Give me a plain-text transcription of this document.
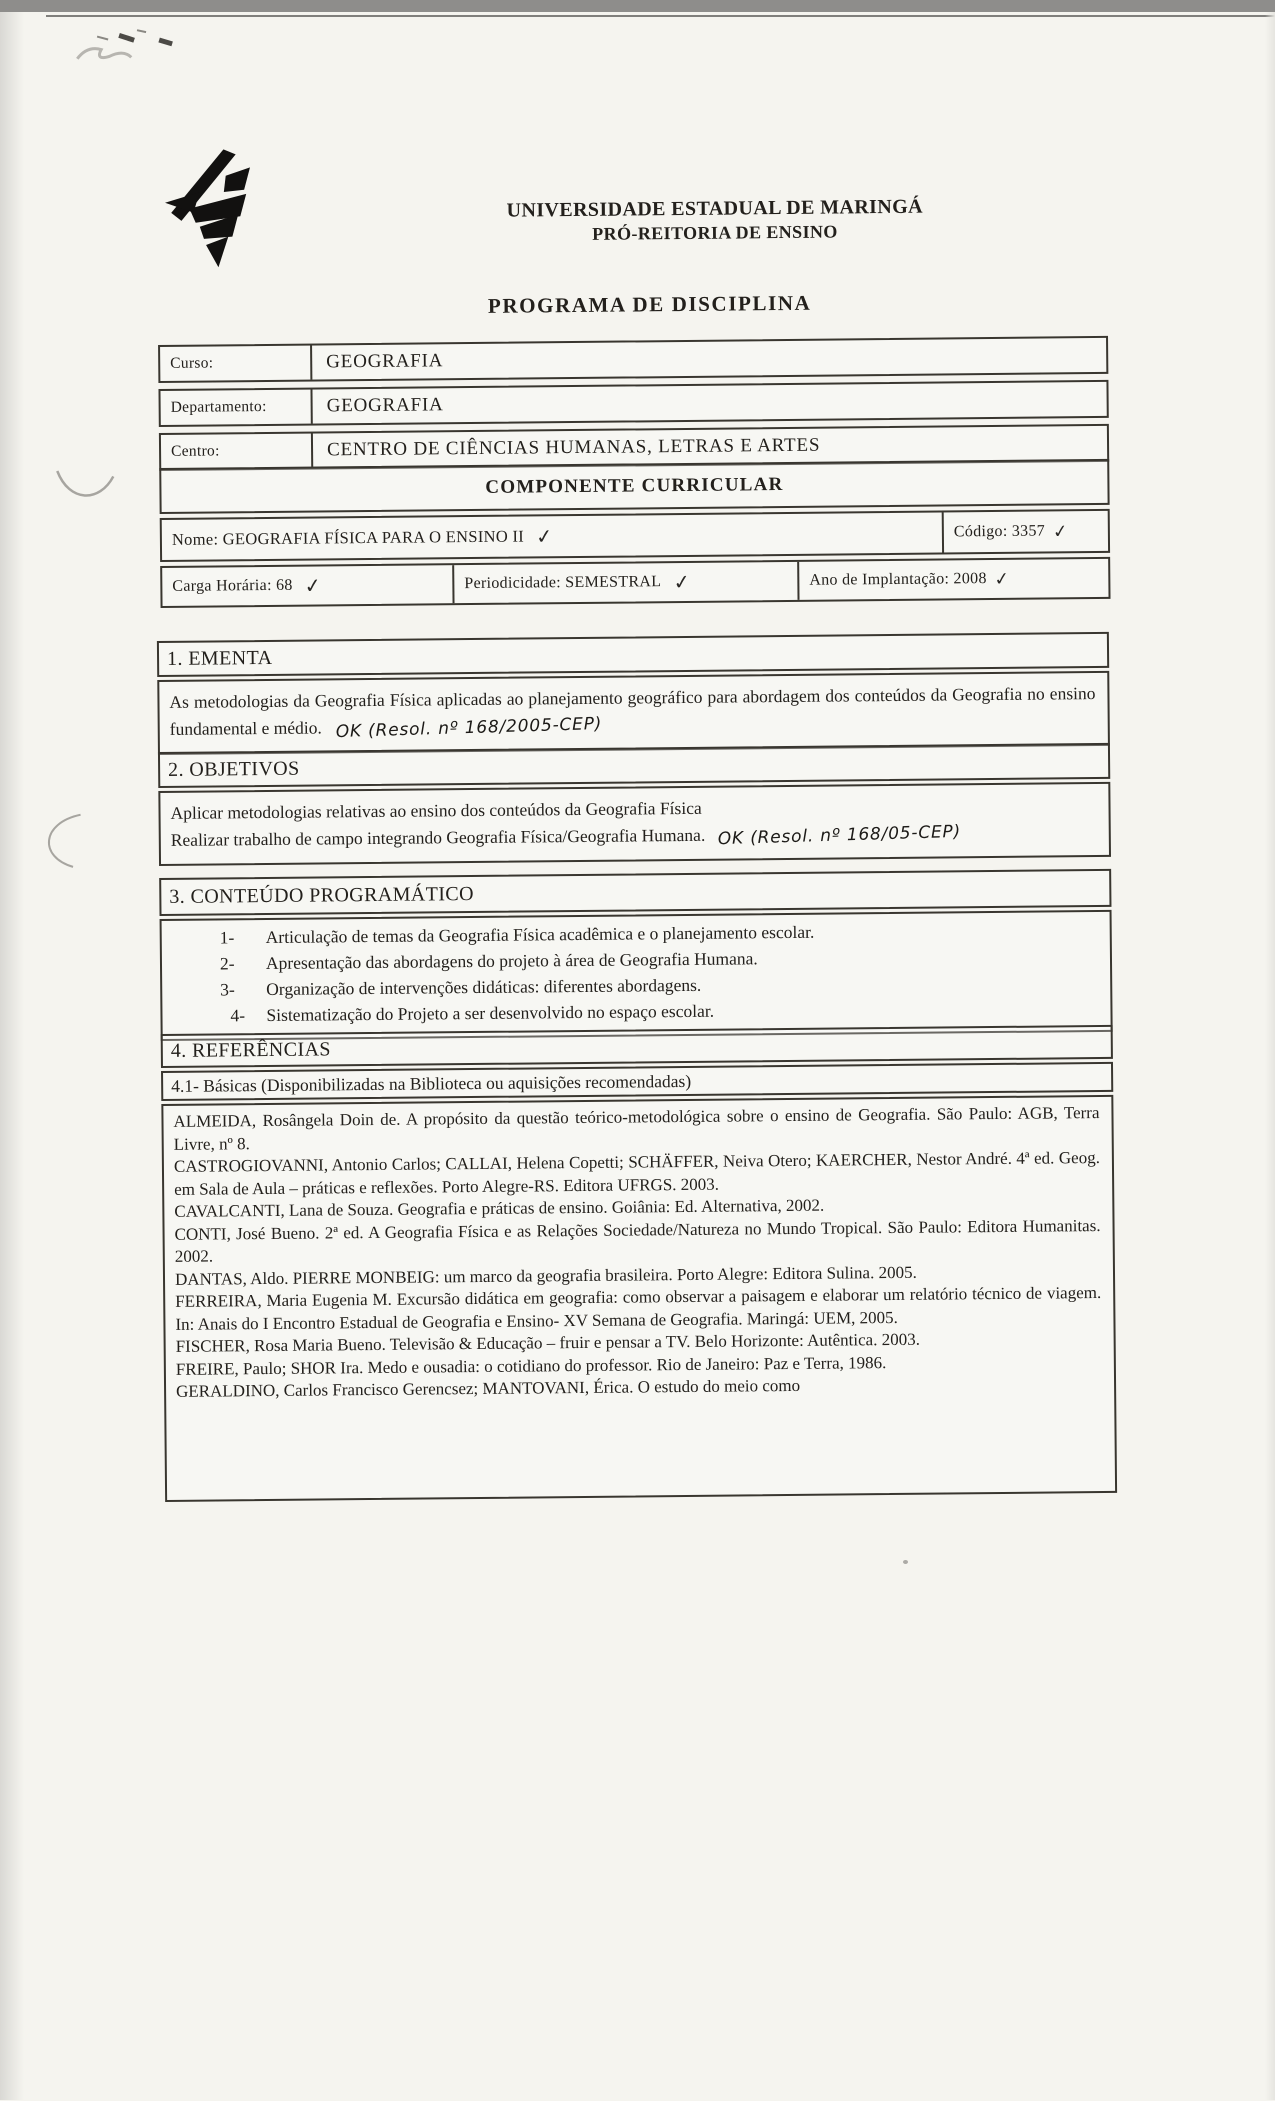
UNIVERSIDADE ESTADUAL DE MARINGÁ
PRÓ-REITORIA DE ENSINO
PROGRAMA DE DISCIPLINA
Curso:	GEOGRAFIA
Departamento:	GEOGRAFIA
Centro:	CENTRO DE CIÊNCIAS HUMANAS, LETRAS E ARTES
COMPONENTE CURRICULAR
Nome: GEOGRAFIA FÍSICA PARA O ENSINO II ✓	Código: 3357 ✓
Carga Horária: 68 ✓	Periodicidade: SEMESTRAL ✓	Ano de Implantação: 2008 ✓
1. EMENTA
As metodologias da Geografia Física aplicadas ao planejamento geográfico para abordagem dos conteúdos da Geografia no ensino fundamental e médio. OK (Resol. nº 168/2005-CEP)
2. OBJETIVOS
Aplicar metodologias relativas ao ensino dos conteúdos da Geografia Física
Realizar trabalho de campo integrando Geografia Física/Geografia Humana. OK (Resol. nº 168/05-CEP)
3. CONTEÚDO PROGRAMÁTICO
1-	Articulação de temas da Geografia Física acadêmica e o planejamento escolar.
2-	Apresentação das abordagens do projeto à área de Geografia Humana.
3-	Organização de intervenções didáticas: diferentes abordagens.
4-	Sistematização do Projeto a ser desenvolvido no espaço escolar.
4. REFERÊNCIAS
4.1- Básicas (Disponibilizadas na Biblioteca ou aquisições recomendadas)

ALMEIDA, Rosângela Doin de. A propósito da questão teórico-metodológica sobre o ensino de Geografia. São Paulo: AGB, Terra Livre, nº 8.

CASTROGIOVANNI, Antonio Carlos; CALLAI, Helena Copetti; SCHÄFFER, Neiva Otero; KAERCHER, Nestor André. 4ª ed. Geog. em Sala de Aula – práticas e reflexões. Porto Alegre-RS. Editora UFRGS. 2003.

CAVALCANTI, Lana de Souza. Geografia e práticas de ensino. Goiânia: Ed. Alternativa, 2002.

CONTI, José Bueno. 2ª ed. A Geografia Física e as Relações Sociedade/Natureza no Mundo Tropical. São Paulo: Editora Humanitas. 2002.

DANTAS, Aldo. PIERRE MONBEIG: um marco da geografia brasileira. Porto Alegre: Editora Sulina. 2005.

FERREIRA, Maria Eugenia M. Excursão didática em geografia: como observar a paisagem e elaborar um relatório técnico de viagem. In: Anais do I Encontro Estadual de Geografia e Ensino- XV Semana de Geografia. Maringá: UEM, 2005.

FISCHER, Rosa Maria Bueno. Televisão & Educação – fruir e pensar a TV. Belo Horizonte: Autêntica. 2003.

FREIRE, Paulo; SHOR Ira. Medo e ousadia: o cotidiano do professor. Rio de Janeiro: Paz e Terra, 1986.

GERALDINO, Carlos Francisco Gerencsez; MANTOVANI, Érica. O estudo do meio como
